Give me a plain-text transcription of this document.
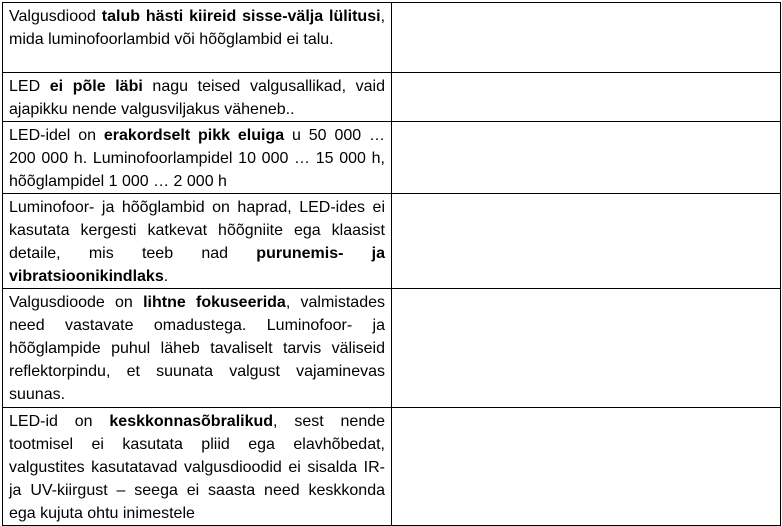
Valgusdiood talub hästi kiireid sisse-välja lülitusi, mida luminofoorlambid või hõõglambid ei talu.	
LED ei põle läbi nagu teised valgusallikad, vaid ajapikku nende valgusviljakus väheneb..	
LED-idel on erakordselt pikk eluiga u 50 000 … 200 000 h. Luminofoorlampidel 10 000 … 15 000 h, hõõglampidel 1 000 … 2 000 h	
Luminofoor- ja hõõglambid on haprad, LED-ides ei kasutata kergesti katkevat hõõgniite ega klaasist detaile, mis teeb nad purunemis- ja vibratsioonikindlaks.	
Valgusdioode on lihtne fokuseerida, valmistades need vastavate omadustega. Luminofoor- ja hõõglampide puhul läheb tavaliselt tarvis väliseid reflektorpindu, et suunata valgust vajaminevas suunas.	
LED-id on keskkonnasõbralikud, sest nende tootmisel ei kasutata pliid ega elavhõbedat, valgustites kasutatavad valgusdioodid ei sisalda IR- ja UV-kiirgust – seega ei saasta need keskkonda ega kujuta ohtu inimestele	
